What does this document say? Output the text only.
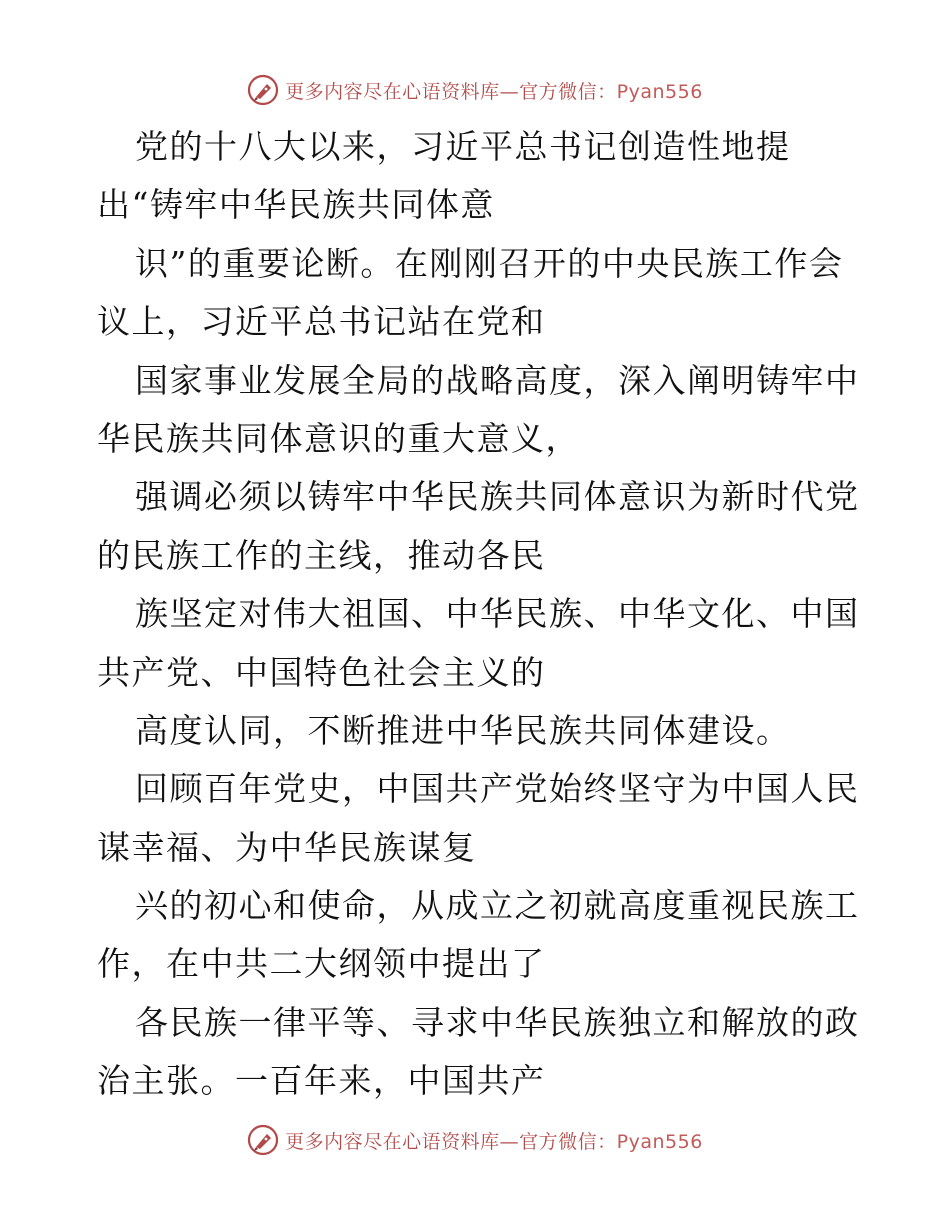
更多内容尽在心语资料库—官方微信：Pyan556
党的十八大以来，习近平总书记创造性地提
出“铸牢中华民族共同体意
识”的重要论断。在刚刚召开的中央民族工作会
议上，习近平总书记站在党和
国家事业发展全局的战略高度，深入阐明铸牢中
华民族共同体意识的重大意义，
强调必须以铸牢中华民族共同体意识为新时代党
的民族工作的主线，推动各民
族坚定对伟大祖国、中华民族、中华文化、中国
共产党、中国特色社会主义的
高度认同，不断推进中华民族共同体建设。
回顾百年党史，中国共产党始终坚守为中国人民
谋幸福、为中华民族谋复
兴的初心和使命，从成立之初就高度重视民族工
作，在中共二大纲领中提出了
各民族一律平等、寻求中华民族独立和解放的政
治主张。一百年来，中国共产
更多内容尽在心语资料库—官方微信：Pyan556
